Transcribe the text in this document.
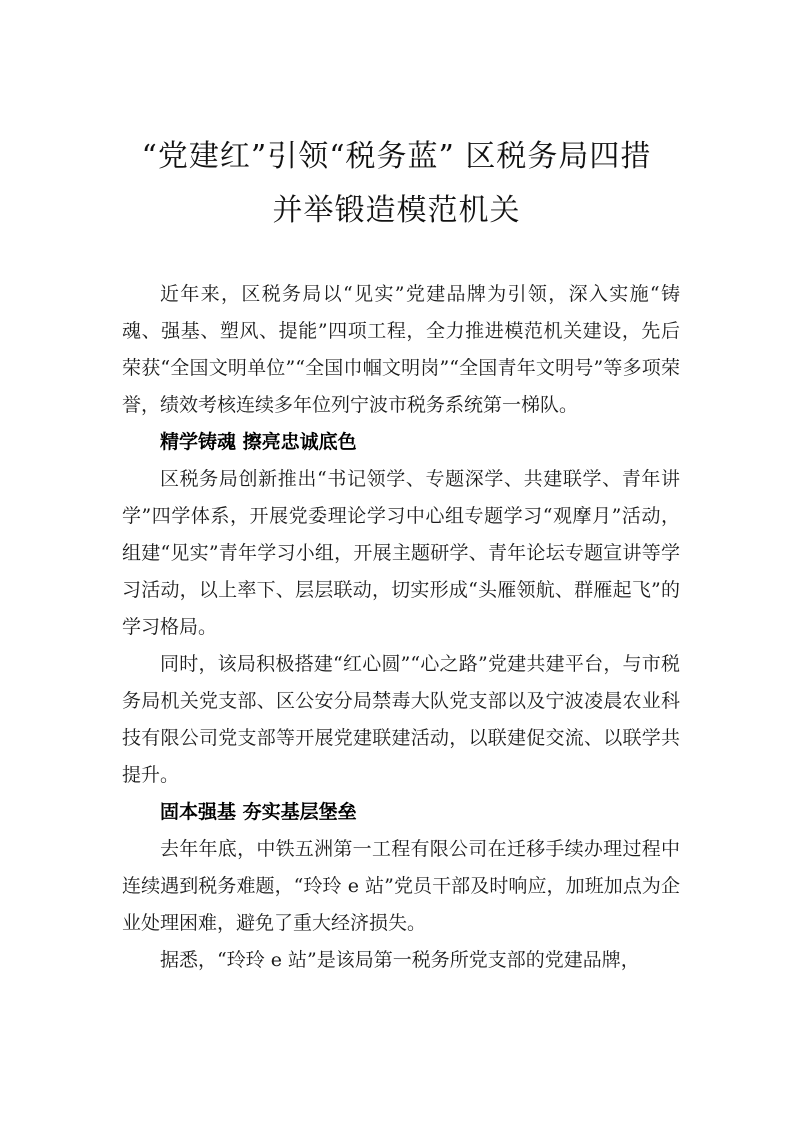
“党建红”引领“税务蓝” 区税务局四措
并举锻造模范机关

近年来，区税务局以“见实”党建品牌为引领，深入实施“铸魂、强基、塑风、提能”四项工程，全力推进模范机关建设，先后荣获“全国文明单位”“全国巾帼文明岗”“全国青年文明号”等多项荣誉，绩效考核连续多年位列宁波市税务系统第一梯队。

精学铸魂 擦亮忠诚底色

区税务局创新推出“书记领学、专题深学、共建联学、青年讲学”四学体系，开展党委理论学习中心组专题学习“观摩月”活动，组建“见实”青年学习小组，开展主题研学、青年论坛专题宣讲等学习活动，以上率下、层层联动，切实形成“头雁领航、群雁起飞”的学习格局。

同时，该局积极搭建“红心圆”“心之路”党建共建平台，与市税务局机关党支部、区公安分局禁毒大队党支部以及宁波凌晨农业科技有限公司党支部等开展党建联建活动，以联建促交流、以联学共提升。

固本强基 夯实基层堡垒

去年年底，中铁五洲第一工程有限公司在迁移手续办理过程中连续遇到税务难题，“玲玲 e 站”党员干部及时响应，加班加点为企业处理困难，避免了重大经济损失。

据悉，“玲玲 e 站”是该局第一税务所党支部的党建品牌，
